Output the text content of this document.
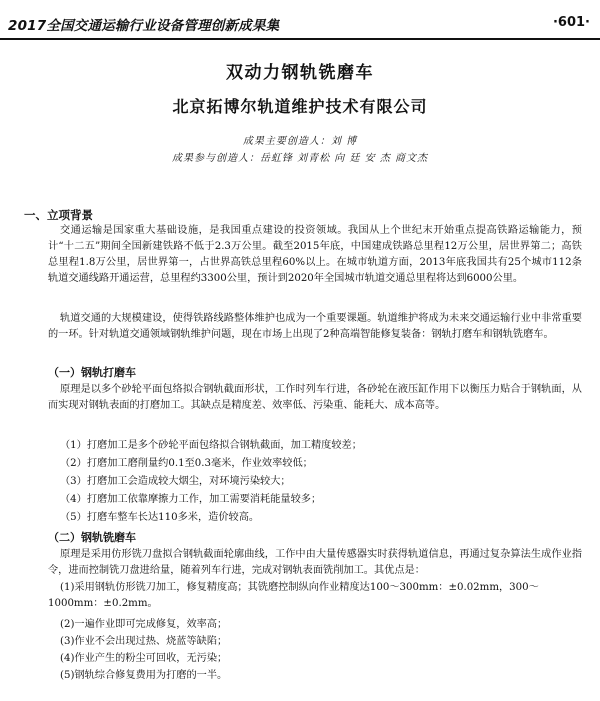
2017全国交通运输行业设备管理创新成果集	·601·
双动力钢轨铣磨车
北京拓博尔轨道维护技术有限公司
成果主要创造人：刘 博
成果参与创造人：岳虹锋 刘青松 向 廷 安 杰 商文杰
一、立项背景

交通运输是国家重大基础设施，是我国重点建设的投资领域。我国从上个世纪末开始重点提高铁路运输能力，预计“十二五”期间全国新建铁路不低于2.3万公里。截至2015年底，中国建成铁路总里程12万公里，居世界第二；高铁总里程1.8万公里，居世界第一，占世界高铁总里程60%以上。在城市轨道方面，2013年底我国共有25个城市112条轨道交通线路开通运营，总里程约3300公里，预计到2020年全国城市轨道交通总里程将达到6000公里。

轨道交通的大规模建设，使得铁路线路整体维护也成为一个重要课题。轨道维护将成为未来交通运输行业中非常重要的一环。针对轨道交通领域钢轨维护问题，现在市场上出现了2种高端智能修复装备：钢轨打磨车和钢轨铣磨车。

（一）钢轨打磨车

原理是以多个砂轮平面包络拟合钢轨截面形状，工作时列车行进，各砂轮在液压缸作用下以衡压力贴合于钢轨面，从而实现对钢轨表面的打磨加工。其缺点是精度差、效率低、污染重、能耗大、成本高等。

（1）打磨加工是多个砂轮平面包络拟合钢轨截面，加工精度较差；
（2）打磨加工磨削量约0.1至0.3毫米，作业效率较低；
（3）打磨加工会造成较大烟尘，对环境污染较大；
（4）打磨加工依靠摩擦力工作，加工需要消耗能量较多；
（5）打磨车整车长达110多米，造价较高。
（二）钢轨铣磨车

原理是采用仿形铣刀盘拟合钢轨截面轮廓曲线，工作中由大量传感器实时获得轨道信息，再通过复杂算法生成作业指令，进而控制铣刀盘进给量，随着列车行进，完成对钢轨表面铣削加工。其优点是：

(1)采用钢轨仿形铣刀加工，修复精度高；其铣磨控制纵向作业精度达100～300mm：±0.02mm，300～1000mm：±0.2mm。
(2)一遍作业即可完成修复，效率高；
(3)作业不会出现过热、烧蓝等缺陷；
(4)作业产生的粉尘可回收，无污染；
(5)钢轨综合修复费用为打磨的一半。
